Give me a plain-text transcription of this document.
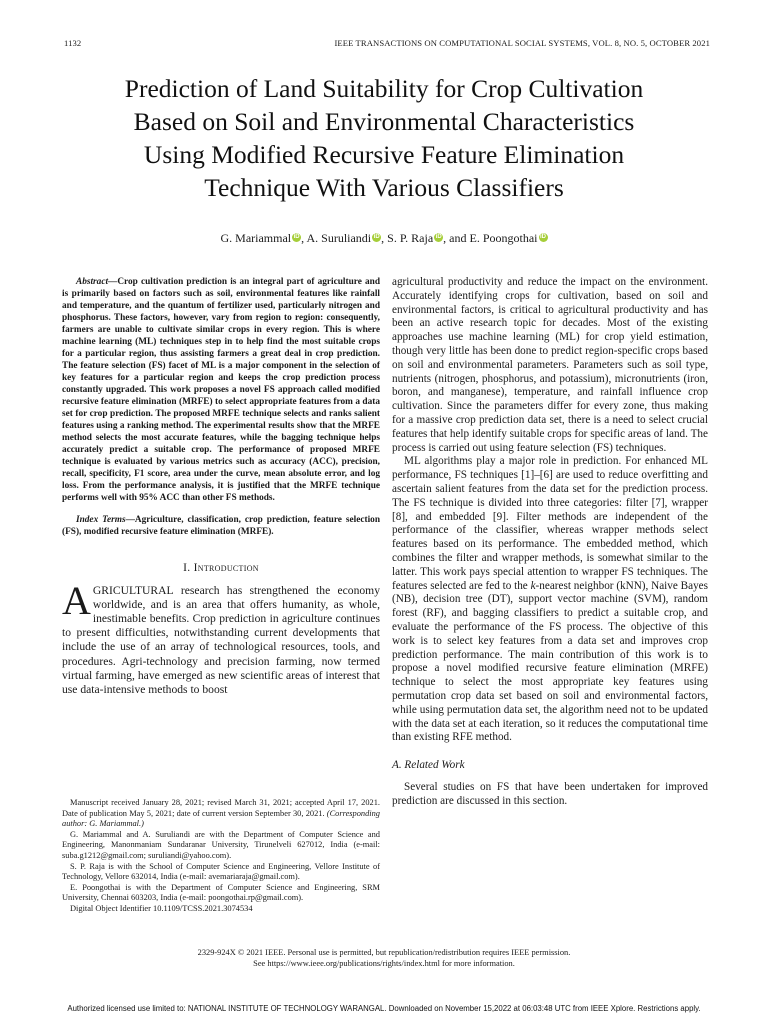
1132	IEEE TRANSACTIONS ON COMPUTATIONAL SOCIAL SYSTEMS, VOL. 8, NO. 5, OCTOBER 2021
Prediction of Land Suitability for Crop Cultivation
Based on Soil and Environmental Characteristics
Using Modified Recursive Feature Elimination
Technique With Various Classifiers
G. Mariammal iD , A. Suruliandi iD , S. P. Raja iD , and E. Poongothai iD

Abstract—Crop cultivation prediction is an integral part of agriculture and is primarily based on factors such as soil, environmental features like rainfall and temperature, and the quantum of fertilizer used, particularly nitrogen and phosphorus. These factors, however, vary from region to region: consequently, farmers are unable to cultivate similar crops in every region. This is where machine learning (ML) techniques step in to help find the most suitable crops for a particular region, thus assisting farmers a great deal in crop prediction. The feature selection (FS) facet of ML is a major component in the selection of key features for a particular region and keeps the crop prediction process constantly upgraded. This work proposes a novel FS approach called modified recursive feature elimination (MRFE) to select appropriate features from a data set for crop prediction. The proposed MRFE technique selects and ranks salient features using a ranking method. The experimental results show that the MRFE method selects the most accurate features, while the bagging technique helps accurately predict a suitable crop. The performance of proposed MRFE technique is evaluated by various metrics such as accuracy (ACC), precision, recall, specificity, F1 score, area under the curve, mean absolute error, and log loss. From the performance analysis, it is justified that the MRFE technique performs well with 95% ACC than other FS methods.

Index Terms—Agriculture, classification, crop prediction, feature selection (FS), modified recursive feature elimination (MRFE).

I. Introduction

AGRICULTURAL research has strengthened the economy worldwide, and is an area that offers humanity, as whole, inestimable benefits. Crop prediction in agriculture continues to present difficulties, notwithstanding current developments that include the use of an array of technological resources, tools, and procedures. Agri-technology and precision farming, now termed virtual farming, have emerged as new scientific areas of interest that use data-intensive methods to boost

Manuscript received January 28, 2021; revised March 31, 2021; accepted April 17, 2021. Date of publication May 5, 2021; date of current version September 30, 2021. (Corresponding author: G. Mariammal.)

G. Mariammal and A. Suruliandi are with the Department of Computer Science and Engineering, Manonmaniam Sundaranar University, Tirunelveli 627012, India (e-mail: suba.g1212@gmail.com; suruliandi@yahoo.com).

S. P. Raja is with the School of Computer Science and Engineering, Vellore Institute of Technology, Vellore 632014, India (e-mail: avemariaraja@gmail.com).

E. Poongothai is with the Department of Computer Science and Engineering, SRM University, Chennai 603203, India (e-mail: poongothai.rp@gmail.com).

Digital Object Identifier 10.1109/TCSS.2021.3074534

agricultural productivity and reduce the impact on the environment. Accurately identifying crops for cultivation, based on soil and environmental factors, is critical to agricultural productivity and has been an active research topic for decades. Most of the existing approaches use machine learning (ML) for crop yield estimation, though very little has been done to predict region-specific crops based on soil and environmental parameters. Parameters such as soil type, nutrients (nitrogen, phosphorus, and potassium), micronutrients (iron, boron, and manganese), temperature, and rainfall influence crop cultivation. Since the parameters differ for every zone, thus making for a massive crop prediction data set, there is a need to select crucial features that help identify suitable crops for specific areas of land. The process is carried out using feature selection (FS) techniques.

ML algorithms play a major role in prediction. For enhanced ML performance, FS techniques [1]–[6] are used to reduce overfitting and ascertain salient features from the data set for the prediction process. The FS technique is divided into three categories: filter [7], wrapper [8], and embedded [9]. Filter methods are independent of the performance of the classifier, whereas wrapper methods select features based on its performance. The embedded method, which combines the filter and wrapper methods, is somewhat similar to the latter. This work pays special attention to wrapper FS techniques. The features selected are fed to the k-nearest neighbor (kNN), Naive Bayes (NB), decision tree (DT), support vector machine (SVM), random forest (RF), and bagging classifiers to predict a suitable crop, and evaluate the performance of the FS process. The objective of this work is to select key features from a data set and improves crop prediction performance. The main contribution of this work is to propose a novel modified recursive feature elimination (MRFE) technique to select the most appropriate key features using permutation crop data set based on soil and environmental factors, while using permutation data set, the algorithm need not to be updated with the data set at each iteration, so it reduces the computational time than existing RFE method.

A. Related Work

Several studies on FS that have been undertaken for improved prediction are discussed in this section.

2329-924X © 2021 IEEE. Personal use is permitted, but republication/redistribution requires IEEE permission.
See https://www.ieee.org/publications/rights/index.html for more information.
Authorized licensed use limited to: NATIONAL INSTITUTE OF TECHNOLOGY WARANGAL. Downloaded on November 15,2022 at 06:03:48 UTC from IEEE Xplore. Restrictions apply.
